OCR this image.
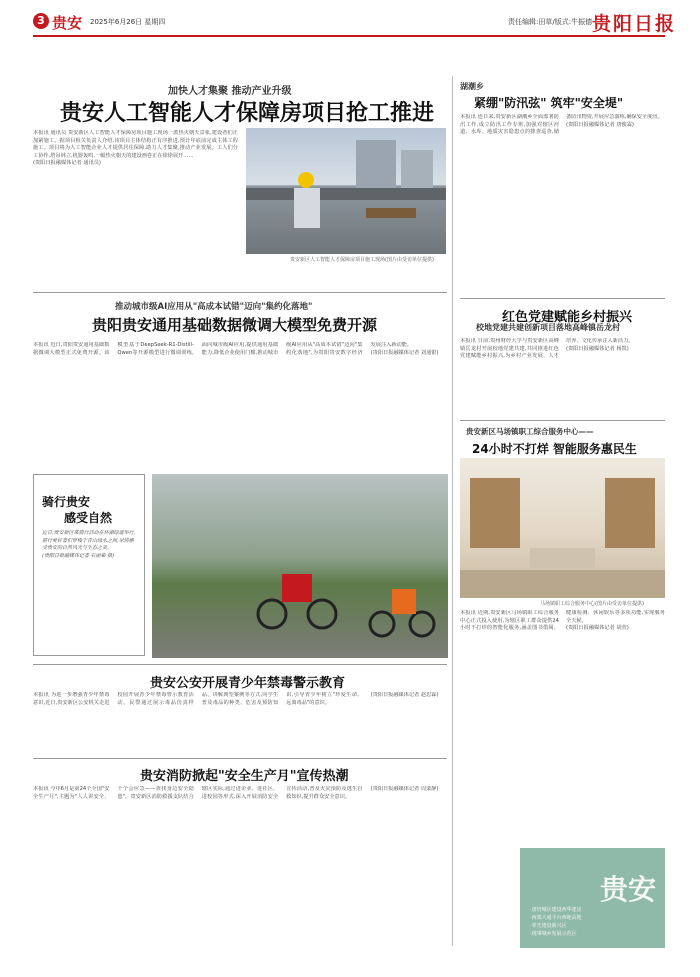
3 贵安 2025年6月26日 星期四	责任编辑:田草/版式:牛振德 贵阳日报
加快人才集聚 推动产业升级
贵安人工智能人才保障房项目抢工推进
本报讯 通讯员 贵安新区人工智能人才保障房项目施工现场一派热火朝天景象,建设者们正加紧施工。据项目相关负责人介绍,该项目主体结构正有序推进,预计年底前完成主体工程施工。项目将为人工智能企业人才提供居住保障,助力人才集聚,推动产业发展。工人们分工协作,塔吊林立,机器轰鸣,一幅热火朝天的建设画卷正在徐徐展开……
(贵阳日报融媒体记者 通讯员)
贵安新区人工智能人才保障房项目施工现场(图片由受访单位提供)
推动城市级AI应用从"高成本试错"迈向"集约化落地"
贵阳贵安通用基础数据微调大模型免费开源
本报讯 近日,贵阳贵安通用基础数据微调大模型正式免费开源。该模型基于DeepSeek-R1-Distill-Qwen等开源模型进行微调训练,面向城市级AI应用,提供通用基础能力,降低企业使用门槛,推动城市级AI应用从"高成本试错"迈向"集约化落地",为贵阳贵安数字经济发展注入新动能。
(贵阳日报融媒体记者 刘通银)
骑行贵安
感受自然
近日,贵安新区某骑行活动在环湖绿道举行,骑行爱好者们穿梭于青山绿水之间,尽情感受贵安的自然风光与生态之美。
(贵阳日报融媒体记者 石丽菊 摄)
贵安公安开展青少年禁毒警示教育
本报讯 为进一步增强青少年禁毒意识,近日,贵安新区公安机关走进校园开展青少年禁毒警示教育活动。民警通过展示毒品仿真样品、讲解典型案例等方式,向学生普及毒品的种类、危害及预防知识,引导青少年树立"珍爱生命、远离毒品"的意识。
(贵阳日报融媒体记者 赵思霖)
贵安消防掀起"安全生产月"宣传热潮
本报讯 今年6月是第24个全国"安全生产月",主题为"人人讲安全、个个会应急——查找身边安全隐患"。贵安新区消防救援支队结合辖区实际,通过进企业、进社区、进校园等形式,深入开展消防安全宣传活动,普及火灾预防及逃生自救知识,提升群众安全意识。
(贵阳日报融媒体记者 周栾静)
湖潮乡
紧绷"防汛弦" 筑牢"安全堤"
本报讯 连日来,贵安新区湖潮乡全面部署防汛工作,成立防汛工作专班,加强对辖区河道、水库、地质灾害隐患点的排查巡查,储备防汛物资,开展应急演练,确保安全度汛。
(贵阳日报融媒体记者 唐俊霖)
红色党建赋能乡村振兴
校地党建共建创新项目落地高峰镇岳龙村
本报讯 日前,贵州财经大学与贵安新区高峰镇岳龙村开展校地党建共建,共同推进红色党建赋能乡村振兴,为乡村产业发展、人才培养、文化传承注入新活力。
(贵阳日报融媒体记者 杨凯)
贵安新区马场镇职工综合服务中心——
24小时不打烊 智能服务惠民生
马场镇职工综合服务中心(图片由受访单位提供)
本报讯 近期,贵安新区马场镇职工综合服务中心正式投入使用,为辖区职工群众提供24小时不打烊的智能化服务,涵盖图书借阅、健康检测、休闲娱乐等多项功能,实现服务全天候。
(贵阳日报融媒体记者 胡萱)
贵安
·唐培城区建设西华建房
·西部大通平台西地高地
·率先建设新兴区
·现事城乡发展示范区
